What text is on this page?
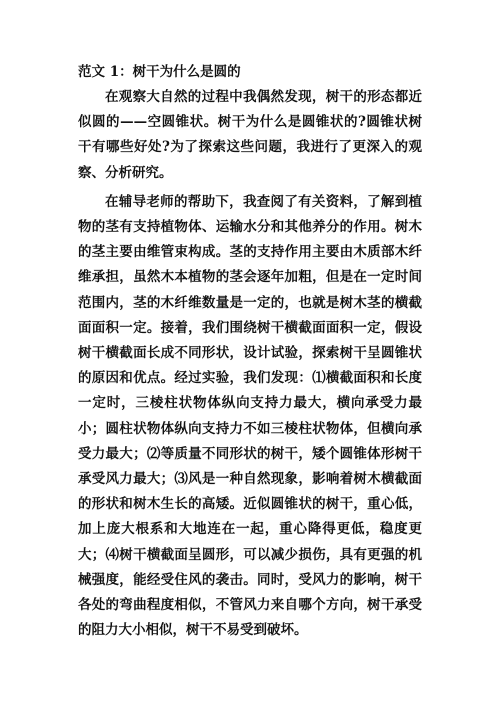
范文 1：树干为什么是圆的

在观察大自然的过程中我偶然发现，树干的形态都近似圆的——空圆锥状。树干为什么是圆锥状的?圆锥状树干有哪些好处?为了探索这些问题，我进行了更深入的观察、分析研究。

在辅导老师的帮助下，我查阅了有关资料，了解到植物的茎有支持植物体、运输水分和其他养分的作用。树木的茎主要由维管束构成。茎的支持作用主要由木质部木纤维承担，虽然木本植物的茎会逐年加粗，但是在一定时间范围内，茎的木纤维数量是一定的，也就是树木茎的横截面面积一定。接着，我们围绕树干横截面面积一定，假设树干横截面长成不同形状，设计试验，探索树干呈圆锥状的原因和优点。经过实验，我们发现：⑴横截面积和长度一定时，三棱柱状物体纵向支持力最大，横向承受力最小；圆柱状物体纵向支持力不如三棱柱状物体，但横向承受力最大；⑵等质量不同形状的树干，矮个圆锥体形树干承受风力最大；⑶风是一种自然现象，影响着树木横截面的形状和树木生长的高矮。近似圆锥状的树干，重心低，加上庞大根系和大地连在一起，重心降得更低，稳度更大；⑷树干横截面呈圆形，可以减少损伤，具有更强的机械强度，能经受住风的袭击。同时，受风力的影响，树干各处的弯曲程度相似，不管风力来自哪个方向，树干承受的阻力大小相似，树干不易受到破坏。
